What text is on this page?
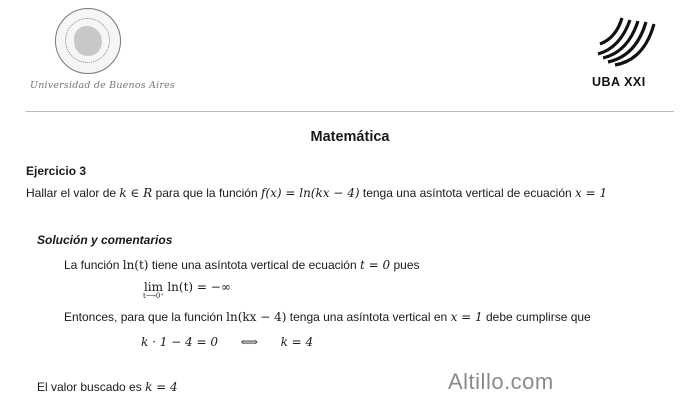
Universidad de Buenos Aires	UBA XXI
Matemática
Ejercicio 3
Hallar el valor de k ∈ R para que la función f(x) = ln(kx − 4) tenga una asíntota vertical de ecuación x = 1
Solución y comentarios
La función ln(t) tiene una asíntota vertical de ecuación t = 0 pues
lim
t⟶0⁺
ln(t) = −∞
Entonces, para que la función ln(kx − 4) tenga una asíntota vertical en x = 1 debe cumplirse que
k · 1 − 4 = 0 ⟺ k = 4
El valor buscado es k = 4	Altillo.com
